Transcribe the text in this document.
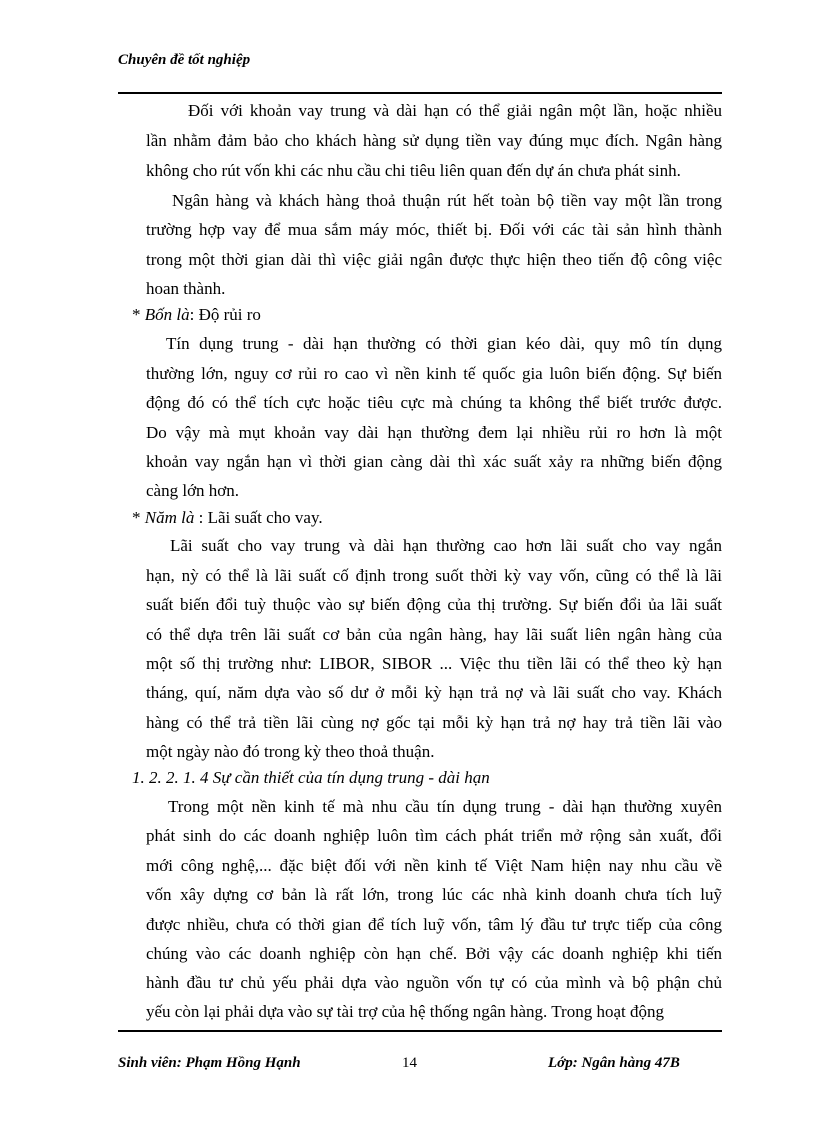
Chuyên đề tốt nghiệp
Đối với khoản vay trung và dài hạn có thể giải ngân một lần, hoặc nhiều
lần nhằm đảm bảo cho khách hàng sử dụng tiền vay đúng mục đích. Ngân hàng
không cho rút vốn khi các nhu cầu chi tiêu liên quan đến dự án chưa phát sinh.
Ngân hàng và khách hàng thoả thuận rút hết toàn bộ tiền vay một lần trong
trường hợp vay để mua sắm máy móc, thiết bị. Đối với các tài sản hình thành
trong một thời gian dài thì việc giải ngân được thực hiện theo tiến độ công việc
hoan thành.
* Bốn là: Độ rủi ro
Tín dụng trung - dài hạn thường có thời gian kéo dài, quy mô tín dụng
thường lớn, nguy cơ rủi ro cao vì nền kinh tế quốc gia luôn biến động. Sự biến
động đó có thể tích cực hoặc tiêu cực mà chúng ta không thể biết trước được.
Do vậy mà mụt khoản vay dài hạn thường đem lại nhiều rủi ro hơn là một
khoản vay ngắn hạn vì thời gian càng dài thì xác suất xảy ra những biến động
càng lớn hơn.
* Năm là : Lãi suất cho vay.
Lãi suất cho vay trung và dài hạn thường cao hơn lãi suất cho vay ngắn
hạn, nỳ có thể là lãi suất cố định trong suốt thời kỳ vay vốn, cũng có thể là lãi
suất biến đổi tuỳ thuộc vào sự biến động của thị trường. Sự biến đổi ủa lãi suất
có thể dựa trên lãi suất cơ bản của ngân hàng, hay lãi suất liên ngân hàng của
một số thị trường như: LIBOR, SIBOR ... Việc thu tiền lãi có thể theo kỳ hạn
tháng, quí, năm dựa vào số dư ở mỗi kỳ hạn trả nợ và lãi suất cho vay. Khách
hàng có thể trả tiền lãi cùng nợ gốc tại mỗi kỳ hạn trả nợ hay trả tiền lãi vào
một ngày nào đó trong kỳ theo thoả thuận.
1. 2. 2. 1. 4 Sự cần thiết của tín dụng trung - dài hạn
Trong một nền kinh tế mà nhu cầu tín dụng trung - dài hạn thường xuyên
phát sinh do các doanh nghiệp luôn tìm cách phát triển mở rộng sản xuất, đổi
mới công nghệ,... đặc biệt đối với nền kinh tế Việt Nam hiện nay nhu cầu về
vốn xây dựng cơ bản là rất lớn, trong lúc các nhà kinh doanh chưa tích luỹ
được nhiều, chưa có thời gian để tích luỹ vốn, tâm lý đầu tư trực tiếp của công
chúng vào các doanh nghiệp còn hạn chế. Bởi vậy các doanh nghiệp khi tiến
hành đầu tư chủ yếu phải dựa vào nguồn vốn tự có của mình và bộ phận chủ
yếu còn lại phải dựa vào sự tài trợ của hệ thống ngân hàng. Trong hoạt động
Sinh viên: Phạm Hồng Hạnh	14	Lớp: Ngân hàng 47B
